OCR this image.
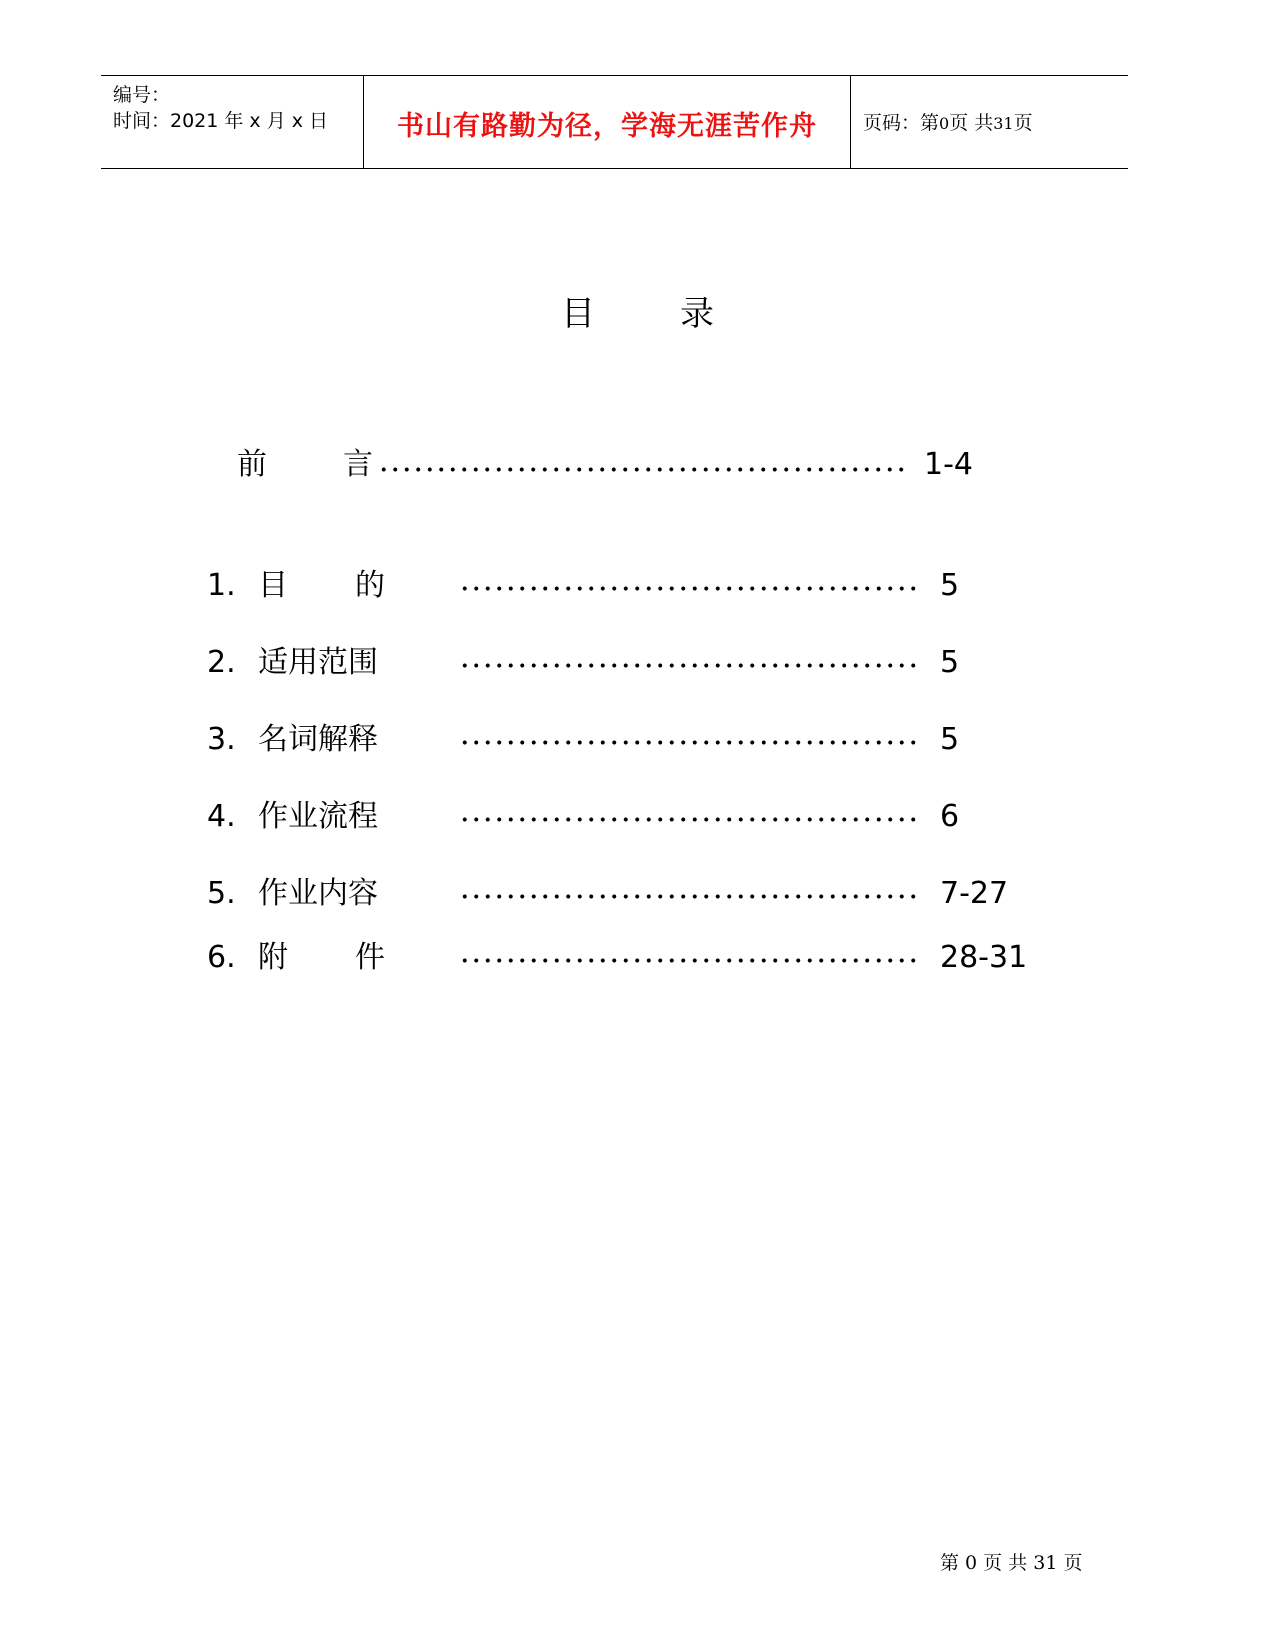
编号：
时间：2021 年 x 月 x 日	书山有路勤为径，学海无涯苦作舟	页码：第0页 共31页
目	录
前	言	1-4
1. 目 的	5
2. 适用范围	5
3. 名词解释	5
4. 作业流程	6
5. 作业内容	7-27
6. 附 件	28-31
第 0 页 共 31 页
